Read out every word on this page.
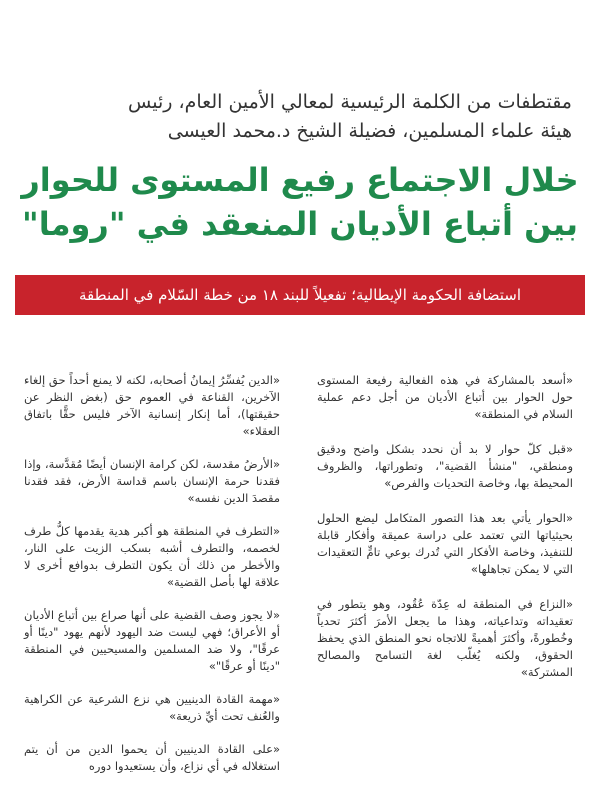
مقتطفات من الكلمة الرئيسية لمعالي الأمين العام، رئيس
هيئة علماء المسلمين، فضيلة الشيخ د.محمد العيسى
خلال الاجتماع رفيع المستوى للحوار
بين أتباع الأديان المنعقد في "روما"
استضافة الحكومة الإيطالية؛ تفعيلاً للبند ١٨ من خطة السّلام في المنطقة

«أسعد بالمشاركة في هذه الفعالية رفيعة المستوى حول الحوار بين أتباع الأديان من أجل دعم عملية السلام في المنطقة»

«قبل كلّ حوار لا بد أن نحدد بشكل واضح ودقيق ومنطقي، "منشأ القضية"، وتطوراتها، والظروف المحيطة بها، وخاصة التحديات والفرص»

«الحوار يأتي بعد هذا التصور المتكامل ليضع الحلول بحيثياتها التي تعتمد على دراسة عميقة وأفكار قابلة للتنفيذ، وخاصة الأفكار التي تُدرك بوعي تامٍّ التعقيدات التي لا يمكن تجاهلها»

«النزاع في المنطقة له عِدّة عُقُود، وهو يتطور في تعقيداته وتداعياته، وهذا ما يجعل الأمرَ أكثرَ تحدياً وخُطورةً، وأكثرَ أهميةً للاتجاه نحو المنطق الذي يحفظ الحقوق، ولكنه يُغلّب لغة التسامح والمصالح المشتركة»

«الدين يُفسِّرُ إيمانُ أصحابه، لكنه لا يمنع أحداً حق إلغاء الآخرين، القناعة في العموم حق (بغض النظر عن حقيقتها)، أما إنكار إنسانية الآخر فليس حقًّا باتفاق العقلاء»

«الأرضُ مقدسة، لكن كرامة الإنسان أيضًا مُقدَّسة، وإذا فقدنا حرمة الإنسان باسم قداسة الأرض، فقد فقدنا مقصدَ الدين نفسه»

«التطرف في المنطقة هو أكبر هدية يقدمها كلُّ طرف لخصمه، والتطرف أشبه بسكب الزيت على النار، والأخطر من ذلك أن يكون التطرف بدوافع أخرى لا علاقة لها بأصل القضية»

«لا يجوز وصف القضية على أنها صراع بين أتباع الأديان أو الأعراق؛ فهي ليست ضد اليهود لأنهم يهود "دينًا أو عرقًا"، ولا ضد المسلمين والمسيحيين في المنطقة "دينًا أو عرقًا"»

«مهمة القادة الدينيين هي نزع الشرعية عن الكراهية والعُنف تحت أيِّ ذريعة»

«على القادة الدينيين أن يحموا الدين من أن يتم استغلاله في أي نزاع، وأن يستعيدوا دوره
